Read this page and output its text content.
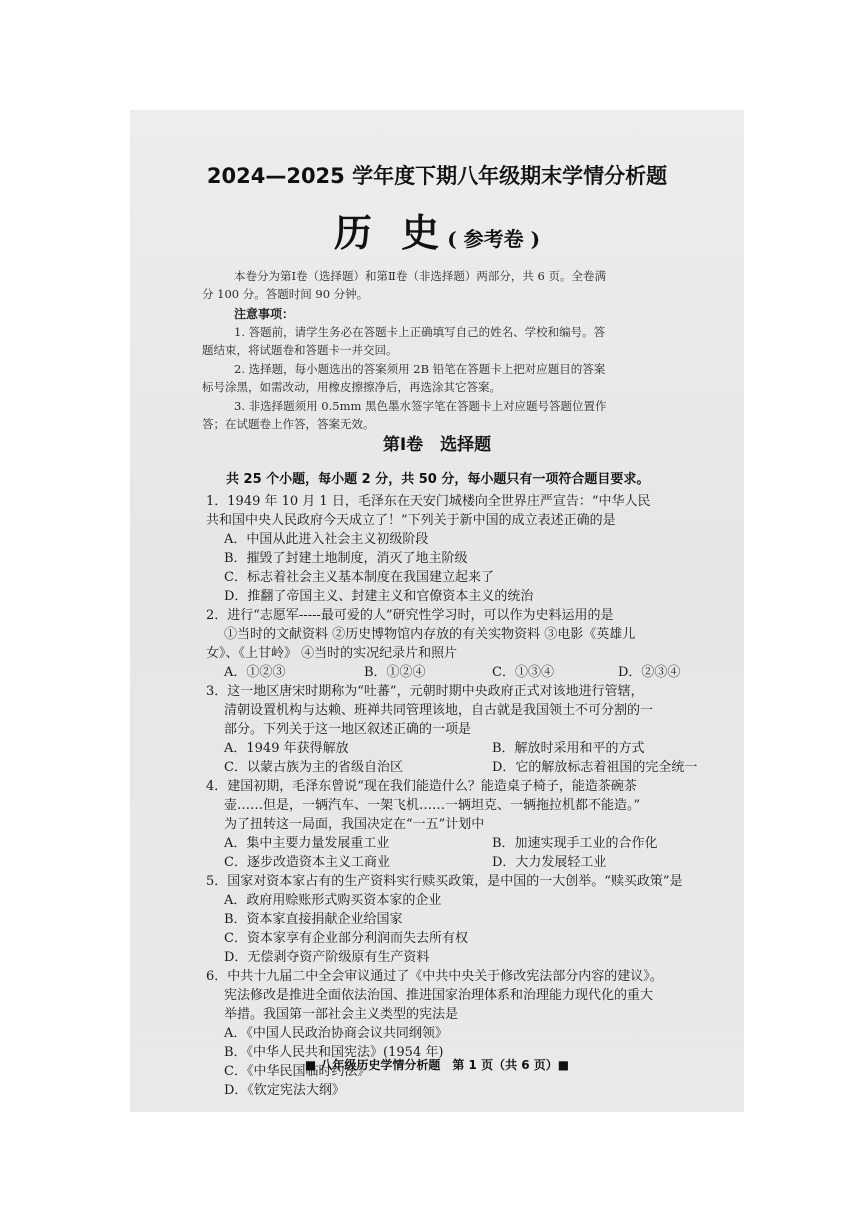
2024—2025 学年度下期八年级期末学情分析题
历 史( 参考卷 )
本卷分为第Ⅰ卷（选择题）和第Ⅱ卷（非选择题）两部分，共 6 页。全卷满
分 100 分。答题时间 90 分钟。
注意事项：
1. 答题前，请学生务必在答题卡上正确填写自己的姓名、学校和编号。答
题结束，将试题卷和答题卡一并交回。
2. 选择题，每小题选出的答案须用 2B 铅笔在答题卡上把对应题目的答案
标号涂黑，如需改动，用橡皮擦擦净后，再选涂其它答案。
3. 非选择题须用 0.5mm 黑色墨水签字笔在答题卡上对应题号答题位置作
答；在试题卷上作答，答案无效。
第Ⅰ卷　选择题
共 25 个小题，每小题 2 分，共 50 分，每小题只有一项符合题目要求。
1．1949 年 10 月 1 日，毛泽东在天安门城楼向全世界庄严宣告：“中华人民
共和国中央人民政府今天成立了！”下列关于新中国的成立表述正确的是
A．中国从此进入社会主义初级阶段
B．摧毁了封建土地制度，消灭了地主阶级
C．标志着社会主义基本制度在我国建立起来了
D．推翻了帝国主义、封建主义和官僚资本主义的统治
2．进行“志愿军-----最可爱的人”研究性学习时，可以作为史料运用的是
①当时的文献资料 ②历史博物馆内存放的有关实物资料 ③电影《英雄儿
女》、《上甘岭》 ④当时的实况纪录片和照片
A．①②③	B．①②④	C．①③④	D．②③④
3．这一地区唐宋时期称为“吐蕃”，元朝时期中央政府正式对该地进行管辖，
清朝设置机构与达赖、班禅共同管理该地，自古就是我国领土不可分割的一
部分。下列关于这一地区叙述正确的一项是
A．1949 年获得解放	B．解放时采用和平的方式
C．以蒙古族为主的省级自治区	D．它的解放标志着祖国的完全统一
4．建国初期，毛泽东曾说“现在我们能造什么？能造桌子椅子，能造茶碗茶
壶……但是，一辆汽车、一架飞机……一辆坦克、一辆拖拉机都不能造。”
为了扭转这一局面，我国决定在“一五”计划中
A．集中主要力量发展重工业	B．加速实现手工业的合作化
C．逐步改造资本主义工商业	D．大力发展轻工业
5．国家对资本家占有的生产资料实行赎买政策，是中国的一大创举。“赎买政策”是
A．政府用赊账形式购买资本家的企业
B．资本家直接捐献企业给国家
C．资本家享有企业部分利润而失去所有权
D．无偿剥夺资产阶级原有生产资料
6．中共十九届二中全会审议通过了《中共中央关于修改宪法部分内容的建议》。
宪法修改是推进全面依法治国、推进国家治理体系和治理能力现代化的重大
举措。我国第一部社会主义类型的宪法是
A．《中国人民政治协商会议共同纲领》
B．《中华人民共和国宪法》(1954 年)
C．《中华民国临时约法》
D．《钦定宪法大纲》
■ 八年级历史学情分析题　第 1 页（共 6 页）■
